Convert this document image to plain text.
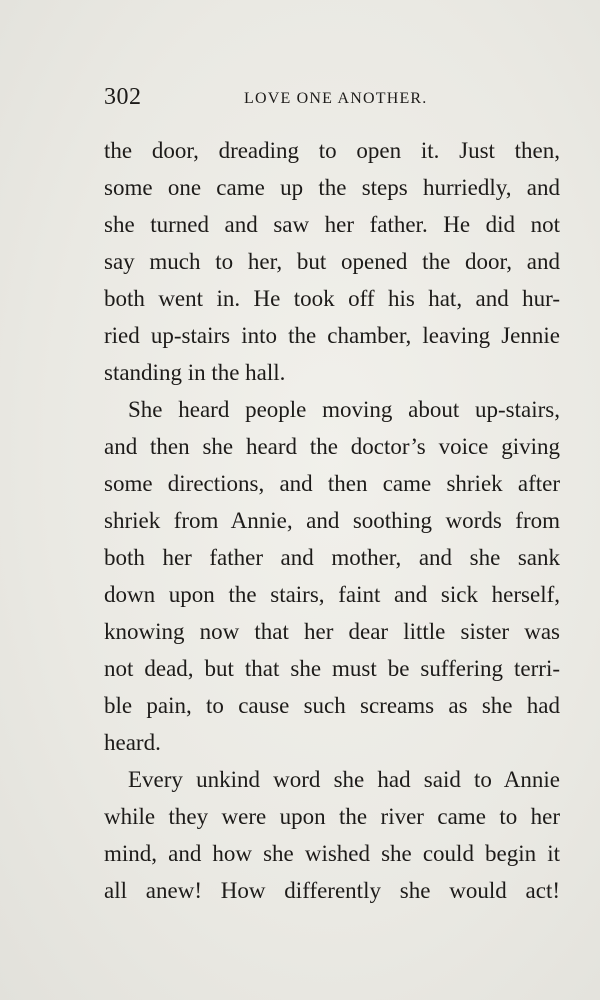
302	LOVE ONE ANOTHER.
the door, dreading to open it. Just then,
some one came up the steps hurriedly, and
she turned and saw her father. He did not
say much to her, but opened the door, and
both went in. He took off his hat, and hur-
ried up-stairs into the chamber, leaving Jennie
standing in the hall.
She heard people moving about up-stairs,
and then she heard the doctor’s voice giving
some directions, and then came shriek after
shriek from Annie, and soothing words from
both her father and mother, and she sank
down upon the stairs, faint and sick herself,
knowing now that her dear little sister was
not dead, but that she must be suffering terri-
ble pain, to cause such screams as she had
heard.
Every unkind word she had said to Annie
while they were upon the river came to her
mind, and how she wished she could begin it
all anew! How differently she would act!
